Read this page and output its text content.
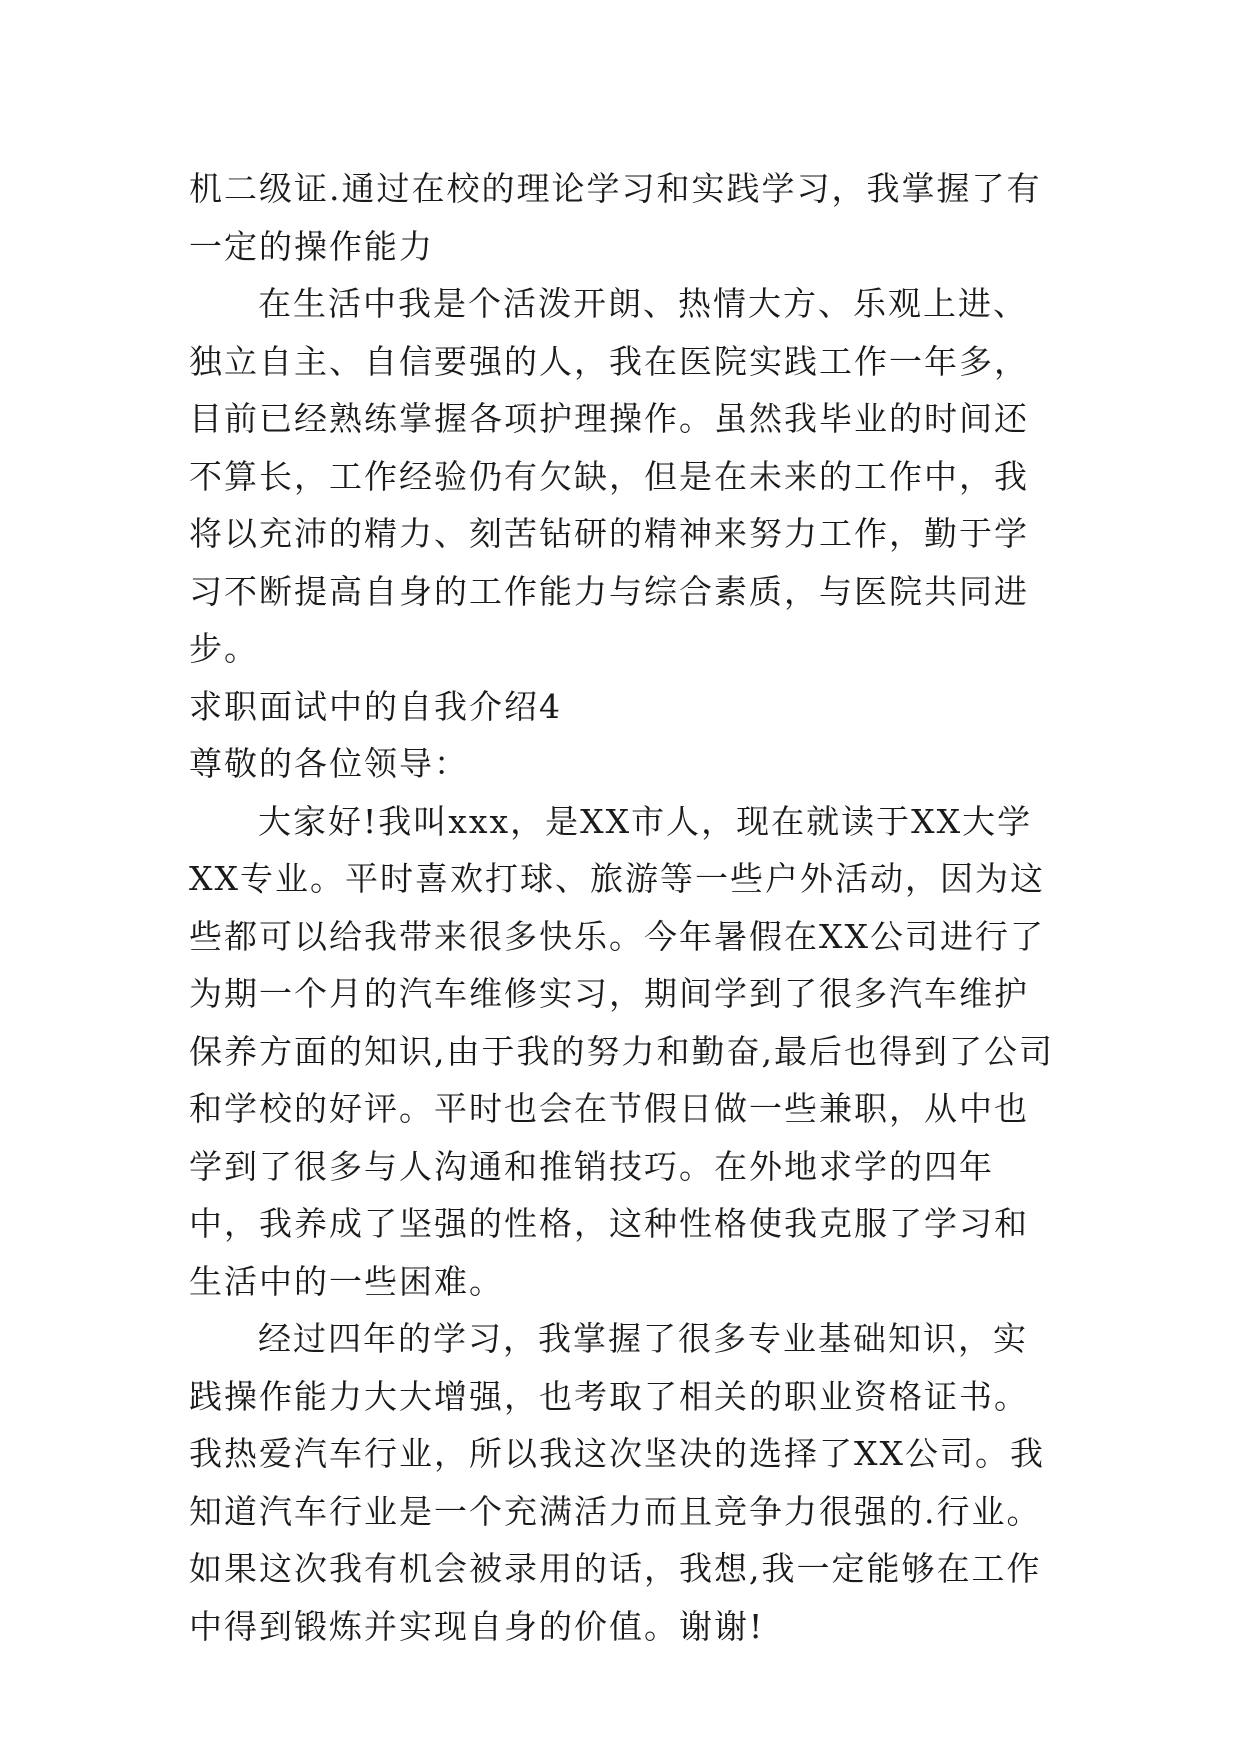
机二级证.通过在校的理论学习和实践学习，我掌握了有一定的操作能力

在生活中我是个活泼开朗、热情大方、乐观上进、独立自主、自信要强的人，我在医院实践工作一年多，目前已经熟练掌握各项护理操作。虽然我毕业的时间还不算长，工作经验仍有欠缺，但是在未来的工作中，我将以充沛的精力、刻苦钻研的精神来努力工作，勤于学习不断提高自身的工作能力与综合素质，与医院共同进步。

求职面试中的自我介绍4

尊敬的各位领导：

大家好!我叫xxx，是XX市人，现在就读于XX大学XX专业。平时喜欢打球、旅游等一些户外活动，因为这些都可以给我带来很多快乐。今年暑假在XX公司进行了为期一个月的汽车维修实习，期间学到了很多汽车维护保养方面的知识,由于我的努力和勤奋,最后也得到了公司和学校的好评。平时也会在节假日做一些兼职，从中也学到了很多与人沟通和推销技巧。在外地求学的四年中，我养成了坚强的性格，这种性格使我克服了学习和生活中的一些困难。

经过四年的学习，我掌握了很多专业基础知识，实践操作能力大大增强，也考取了相关的职业资格证书。我热爱汽车行业，所以我这次坚决的选择了XX公司。我知道汽车行业是一个充满活力而且竞争力很强的.行业。如果这次我有机会被录用的话，我想,我一定能够在工作中得到锻炼并实现自身的价值。谢谢!
